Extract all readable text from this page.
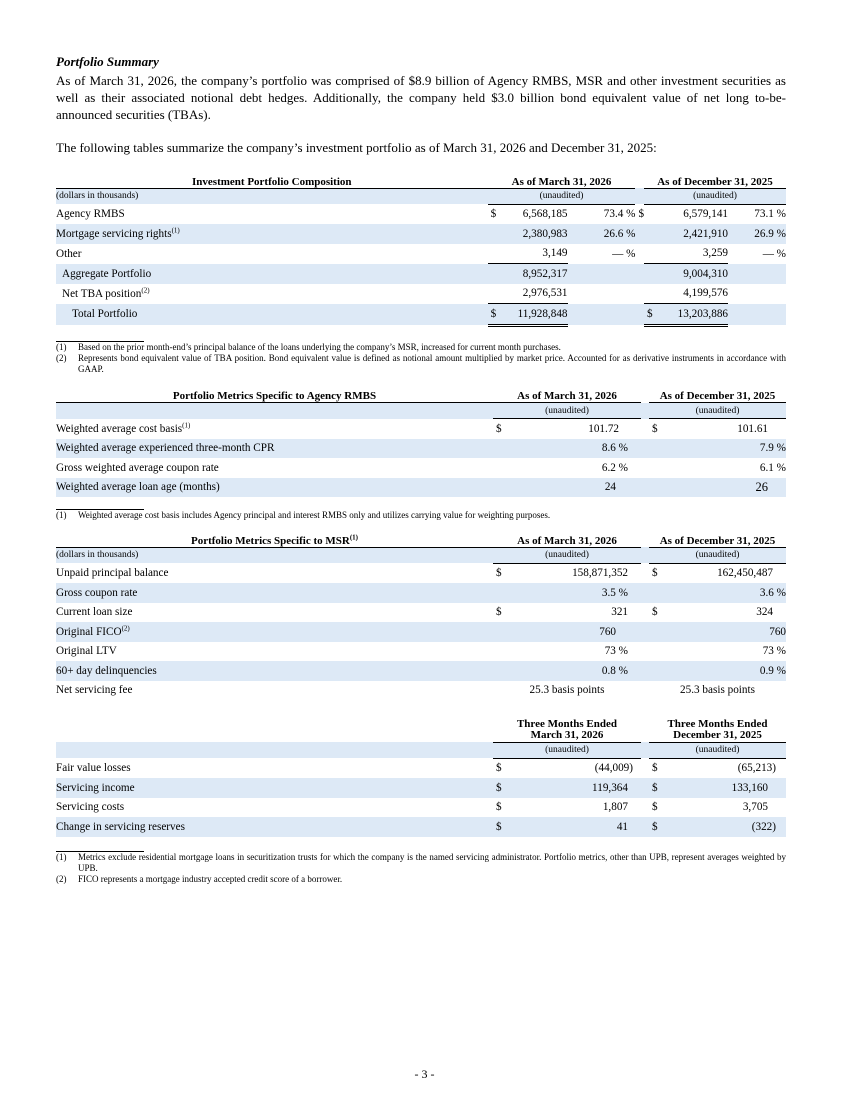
Portfolio Summary

As of March 31, 2026, the company’s portfolio was comprised of $8.9 billion of Agency RMBS, MSR and other investment securities as well as their associated notional debt hedges. Additionally, the company held $3.0 billion bond equivalent value of net long to-be-announced securities (TBAs).

The following tables summarize the company’s investment portfolio as of March 31, 2026 and December 31, 2025:

Investment Portfolio Composition	As of March 31, 2026				As of December 31, 2025		
(dollars in thousands)	(unaudited)				(unaudited)		
Agency RMBS	$	6,568,185	73.4 %	$		6,579,141	73.1 %
Mortgage servicing rights$^{(1)}$		2,380,983	26.6 %			2,421,910	26.9 %
Other		3,149	— %			3,259	— %
Aggregate Portfolio		8,952,317				9,004,310	
Net TBA position$^{(2)}$		2,976,531				4,199,576	
Total Portfolio	$	11,928,848			$	13,203,886	
(1)	Based on the prior month-end’s principal balance of the loans underlying the company’s MSR, increased for current month purchases.
(2)	Represents bond equivalent value of TBA position. Bond equivalent value is defined as notional amount multiplied by market price. Accounted for as derivative instruments in accordance with GAAP.
Portfolio Metrics Specific to Agency RMBS	As of March 31, 2026			As of December 31, 2025	
	(unaudited)			(unaudited)	
Weighted average cost basis$^{(1)}$	$	101.72		$	101.61
Weighted average experienced three-month CPR		8.6 %			7.9 %
Gross weighted average coupon rate		6.2 %			6.1 %
Weighted average loan age (months)		24			26
(1)	Weighted average cost basis includes Agency principal and interest RMBS only and utilizes carrying value for weighting purposes.
Portfolio Metrics Specific to MSR$^{(1)}$	As of March 31, 2026			As of December 31, 2025	
(dollars in thousands)	(unaudited)			(unaudited)	
Unpaid principal balance	$	158,871,352		$	162,450,487
Gross coupon rate		3.5 %			3.6 %
Current loan size	$	321		$	324
Original FICO$^{(2)}$		760			760
Original LTV		73 %			73 %
60+ day delinquencies		0.8 %			0.9 %
Net servicing fee	25.3 basis points			25.3 basis points	
	Three Months Ended
March 31, 2026			Three Months Ended
December 31, 2025	
	(unaudited)			(unaudited)	
Fair value losses	$	(44,009)		$	(65,213)
Servicing income	$	119,364		$	133,160
Servicing costs	$	1,807		$	3,705
Change in servicing reserves	$	41		$	(322)
(1)	Metrics exclude residential mortgage loans in securitization trusts for which the company is the named servicing administrator. Portfolio metrics, other than UPB, represent averages weighted by UPB.
(2)	FICO represents a mortgage industry accepted credit score of a borrower.
- 3 -
